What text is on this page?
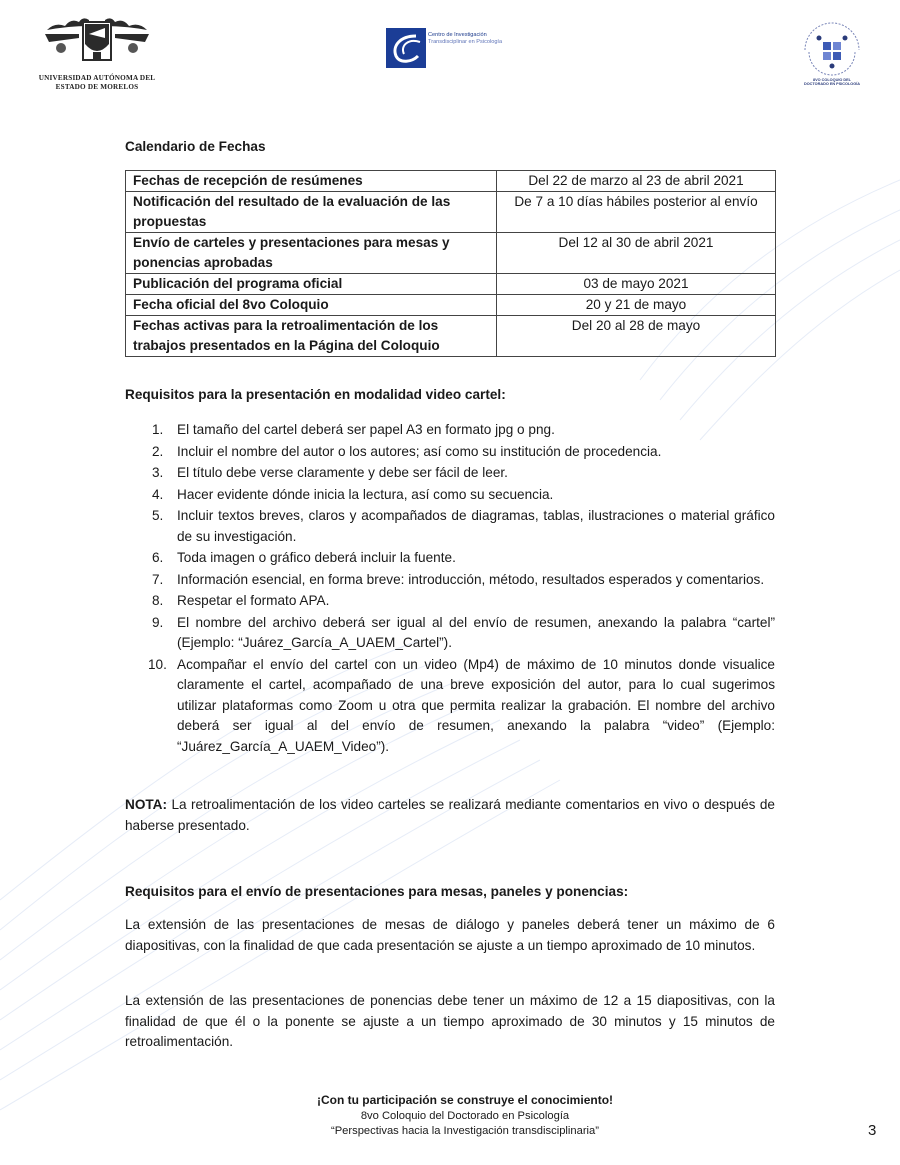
UNIVERSIDAD AUTÓNOMA DEL
ESTADO DE MORELOS
Centro de Investigación
Transdisciplinar en Psicología
8VO COLOQUIO DEL
DOCTORADO EN PSICOLOGÍA
Calendario de Fechas
Fechas de recepción de resúmenes	Del 22 de marzo al 23 de abril 2021
Notificación del resultado de la evaluación de las propuestas	De 7 a 10 días hábiles posterior al envío
Envío de carteles y presentaciones para mesas y ponencias aprobadas	Del 12 al 30 de abril 2021
Publicación del programa oficial	03 de mayo 2021
Fecha oficial del 8vo Coloquio	20 y 21 de mayo
Fechas activas para la retroalimentación de los trabajos presentados en la Página del Coloquio	Del 20 al 28 de mayo
Requisitos para la presentación en modalidad video cartel:
1. El tamaño del cartel deberá ser papel A3 en formato jpg o png.
2. Incluir el nombre del autor o los autores; así como su institución de procedencia.
3. El título debe verse claramente y debe ser fácil de leer.
4. Hacer evidente dónde inicia la lectura, así como su secuencia.
5. Incluir textos breves, claros y acompañados de diagramas, tablas, ilustraciones o material gráfico de su investigación.
6. Toda imagen o gráfico deberá incluir la fuente.
7. Información esencial, en forma breve: introducción, método, resultados esperados y comentarios.
8. Respetar el formato APA.
9. El nombre del archivo deberá ser igual al del envío de resumen, anexando la palabra “cartel” (Ejemplo: “Juárez_García_A_UAEM_Cartel”).
10. Acompañar el envío del cartel con un video (Mp4) de máximo de 10 minutos donde visualice claramente el cartel, acompañado de una breve exposición del autor, para lo cual sugerimos utilizar plataformas como Zoom u otra que permita realizar la grabación. El nombre del archivo deberá ser igual al del envío de resumen, anexando la palabra “video” (Ejemplo: “Juárez_García_A_UAEM_Video”).
NOTA: La retroalimentación de los video carteles se realizará mediante comentarios en vivo o después de haberse presentado.
Requisitos para el envío de presentaciones para mesas, paneles y ponencias:
La extensión de las presentaciones de mesas de diálogo y paneles deberá tener un máximo de 6 diapositivas, con la finalidad de que cada presentación se ajuste a un tiempo aproximado de 10 minutos.
La extensión de las presentaciones de ponencias debe tener un máximo de 12 a 15 diapositivas, con la finalidad de que él o la ponente se ajuste a un tiempo aproximado de 30 minutos y 15 minutos de retroalimentación.
¡Con tu participación se construye el conocimiento!
8vo Coloquio del Doctorado en Psicología
“Perspectivas hacia la Investigación transdisciplinaria”	3
